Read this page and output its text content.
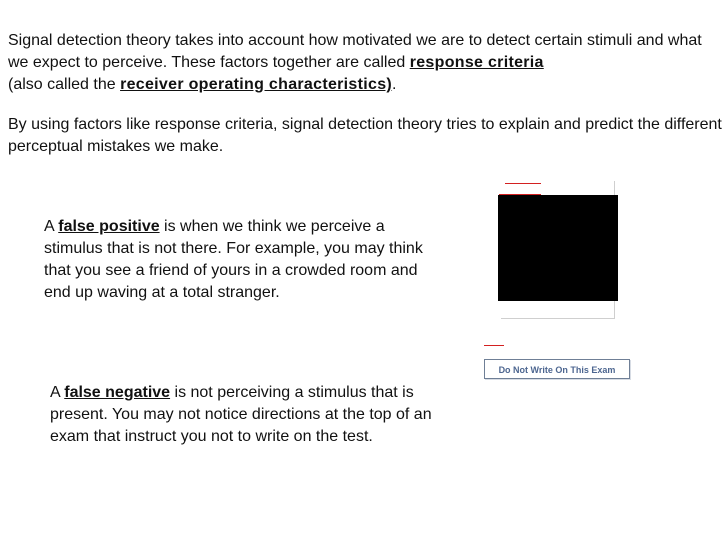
Signal detection theory takes into account how motivated we are to detect certain stimuli and what we expect to perceive. These factors together are called response criteria
(also called the receiver operating characteristics).

By using factors like response criteria, signal detection theory tries to explain and predict the different perceptual mistakes we make.

A false positive is when we think we perceive a stimulus that is not there. For example, you may think that you see a friend of yours in a crowded room and end up waving at a total stranger.

A false negative is not perceiving a stimulus that is present. You may not notice directions at the top of an exam that instruct you not to write on the test.

Do Not Write On This Exam
